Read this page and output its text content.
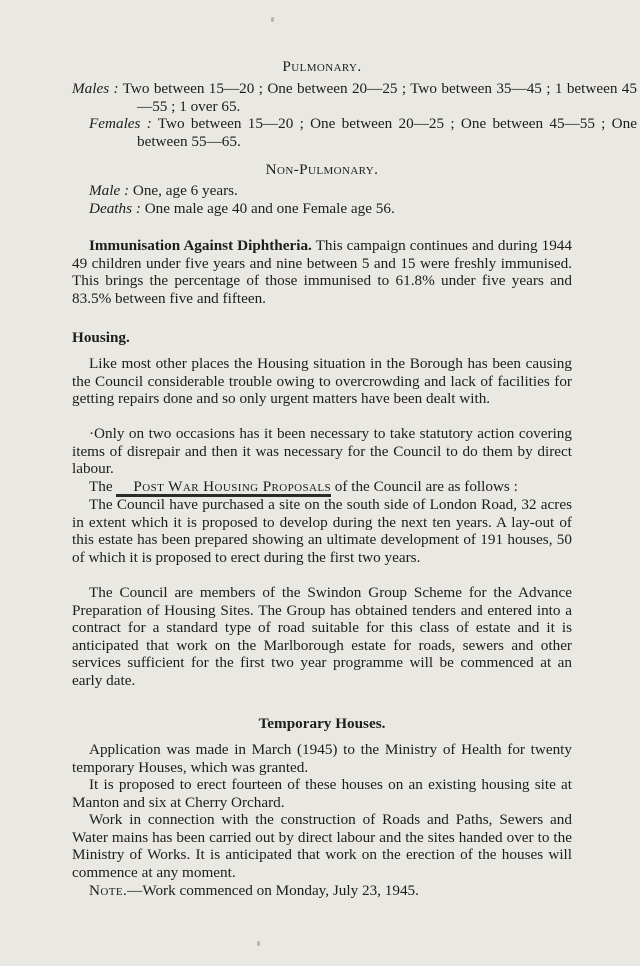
Pulmonary.

Males : Two between 15—20 ; One between 20—25 ; Two between 35—45 ; 1 between 45—55 ; 1 over 65.

Females : Two between 15—20 ; One between 20—25 ; One between 45—55 ; One between 55—65.

Non-Pulmonary.

Male : One, age 6 years.

Deaths : One male age 40 and one Female age 56.

Immunisation Against Diphtheria. This campaign continues and during 1944 49 children under five years and nine between 5 and 15 were freshly immunised. This brings the percentage of those immunised to 61.8% under five years and 83.5% between five and fifteen.

Housing.

Like most other places the Housing situation in the Borough has been causing the Council considerable trouble owing to overcrowding and lack of facilities for getting repairs done and so only urgent matters have been dealt with.

·Only on two occasions has it been necessary to take statutory action covering items of disrepair and then it was necessary for the Council to do them by direct labour.

The Post War Housing Proposals of the Council are as follows :

The Council have purchased a site on the south side of London Road, 32 acres in extent which it is proposed to develop during the next ten years. A lay-out of this estate has been prepared showing an ultimate development of 191 houses, 50 of which it is proposed to erect during the first two years.

The Council are members of the Swindon Group Scheme for the Advance Preparation of Housing Sites. The Group has obtained tenders and entered into a contract for a standard type of road suitable for this class of estate and it is anticipated that work on the Marlborough estate for roads, sewers and other services sufficient for the first two year programme will be commenced at an early date.

Temporary Houses.

Application was made in March (1945) to the Ministry of Health for twenty temporary Houses, which was granted.

It is proposed to erect fourteen of these houses on an existing housing site at Manton and six at Cherry Orchard.

Work in connection with the construction of Roads and Paths, Sewers and Water mains has been carried out by direct labour and the sites handed over to the Ministry of Works. It is anticipated that work on the erection of the houses will commence at any moment.

Note.—Work commenced on Monday, July 23, 1945.
